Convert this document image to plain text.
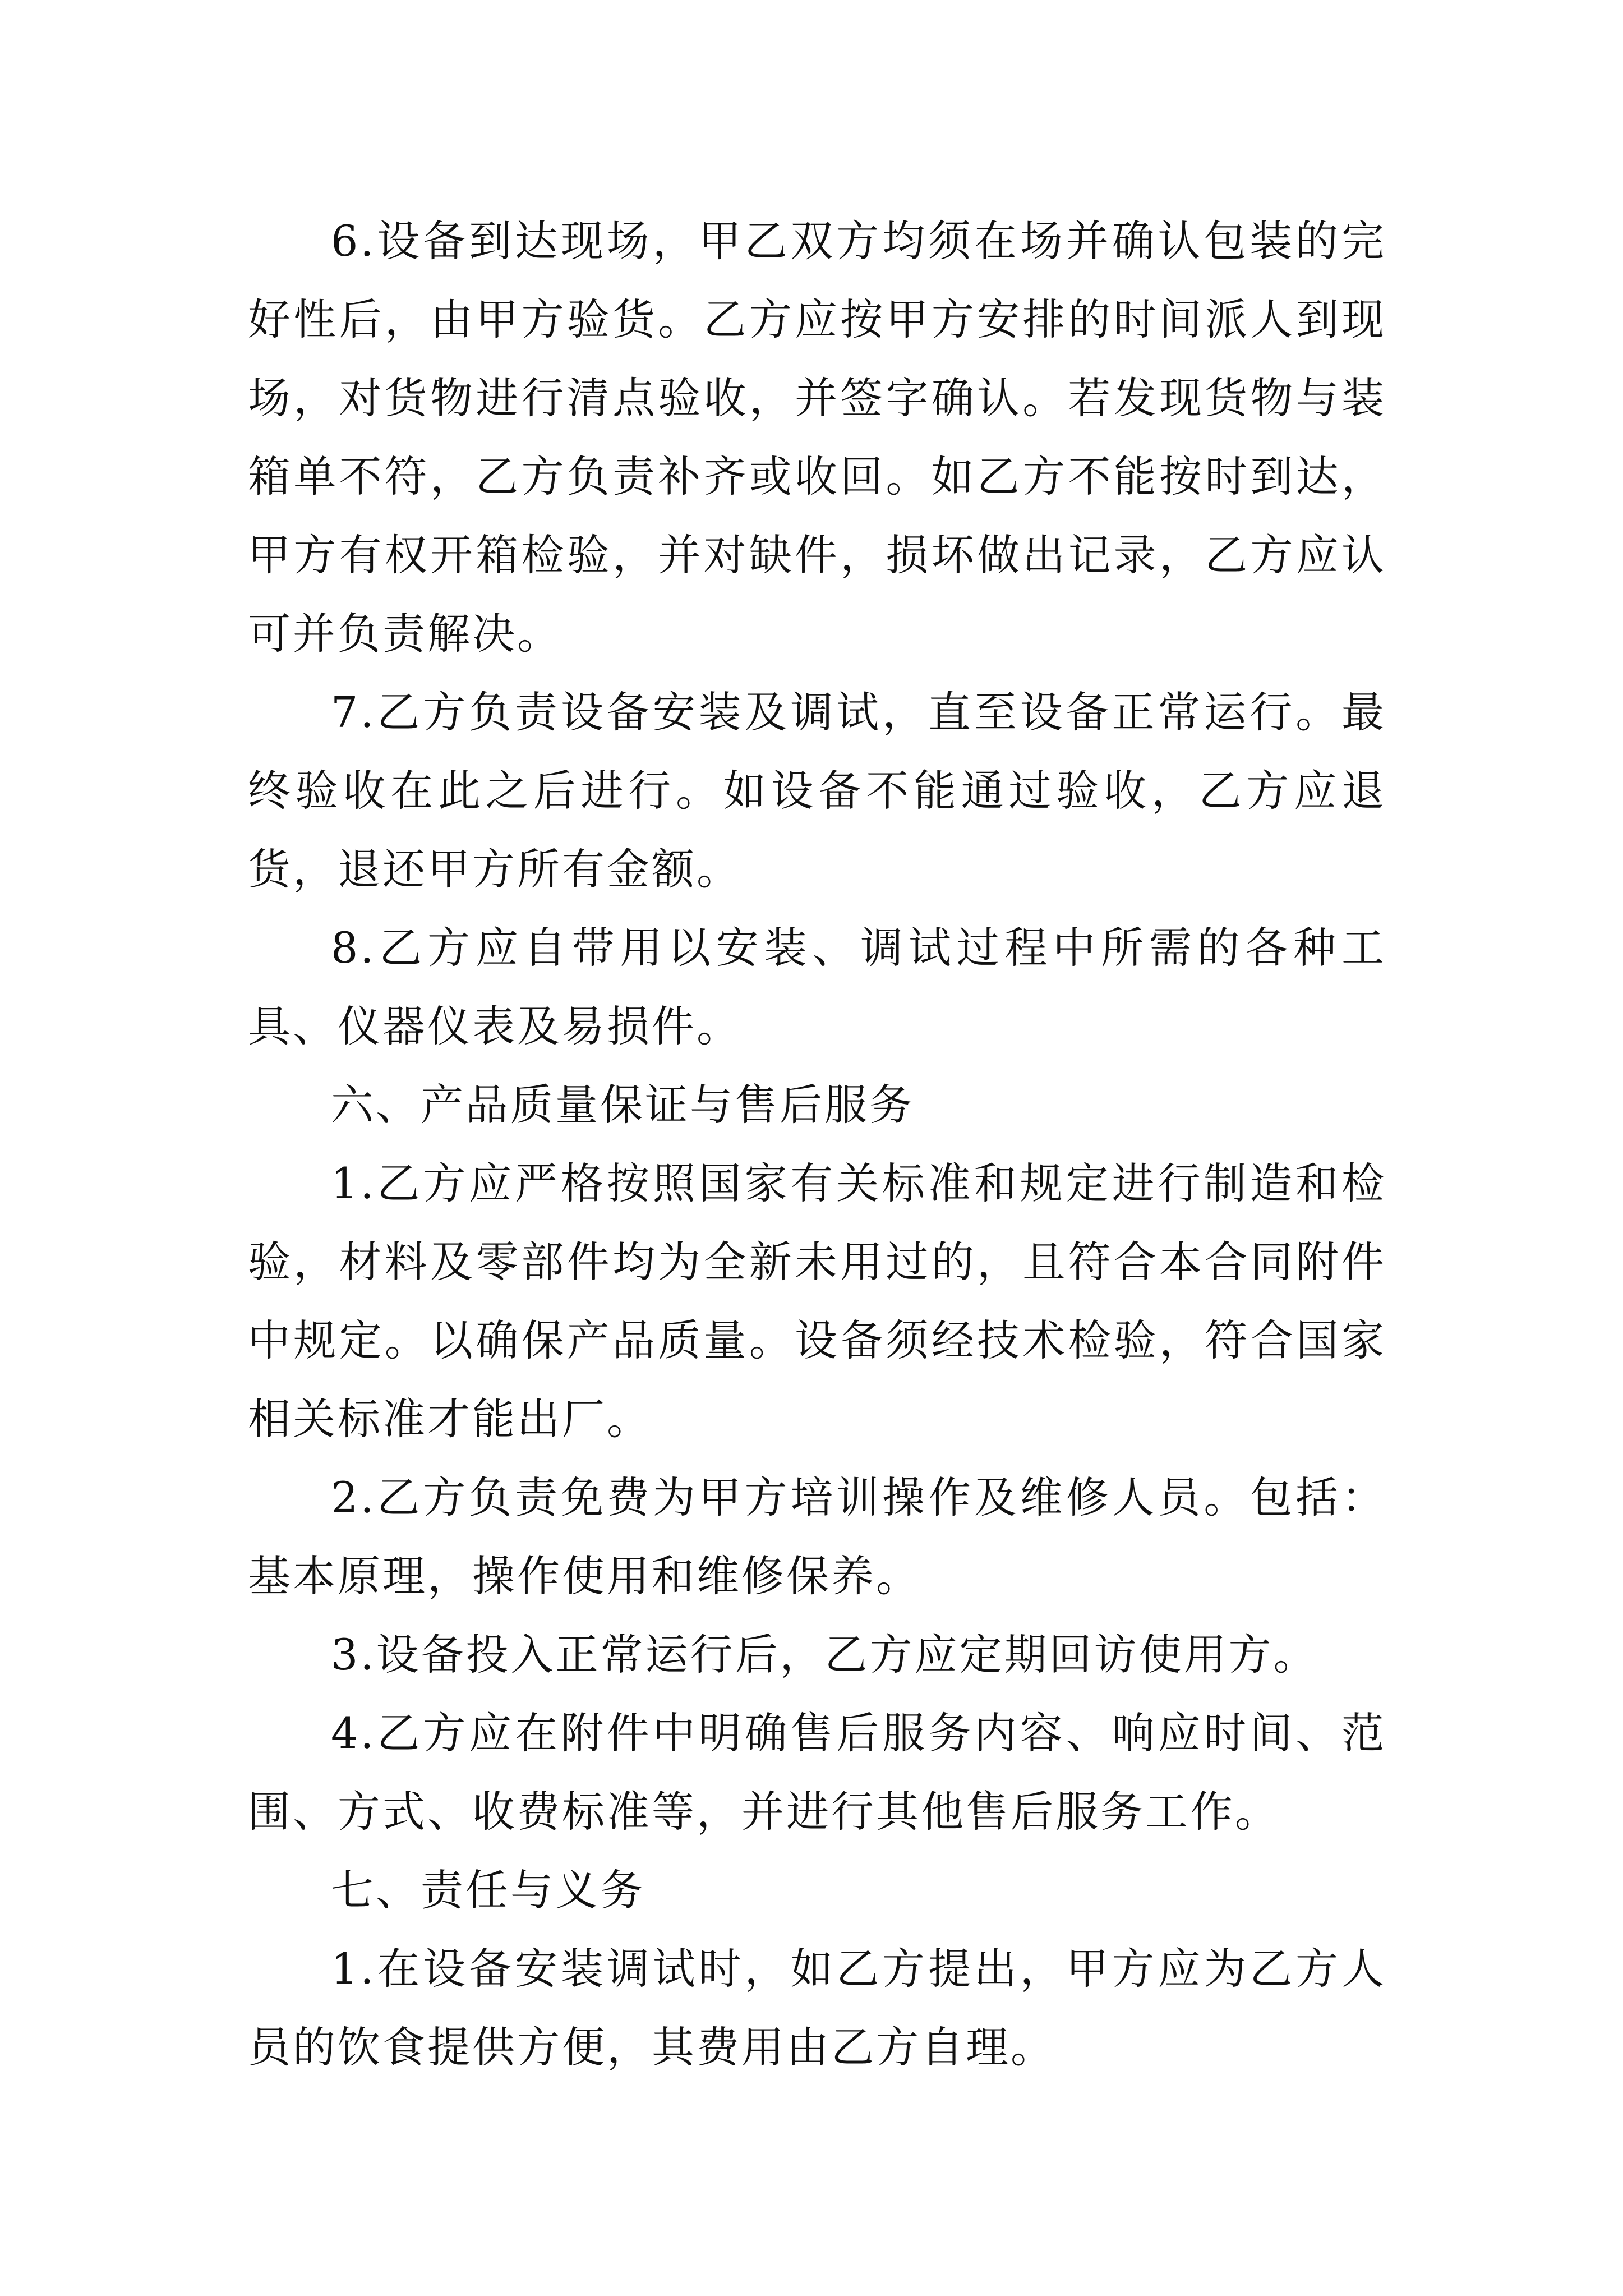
6.设备到达现场，甲乙双方均须在场并确认包装的完好性后，由甲方验货。乙方应按甲方安排的时间派人到现场，对货物进行清点验收，并签字确认。若发现货物与装箱单不符，乙方负责补齐或收回。如乙方不能按时到达，甲方有权开箱检验，并对缺件，损坏做出记录，乙方应认可并负责解决。

7.乙方负责设备安装及调试，直至设备正常运行。最终验收在此之后进行。如设备不能通过验收，乙方应退货，退还甲方所有金额。

8.乙方应自带用以安装、调试过程中所需的各种工具、仪器仪表及易损件。

六、产品质量保证与售后服务

1.乙方应严格按照国家有关标准和规定进行制造和检验，材料及零部件均为全新未用过的，且符合本合同附件中规定。以确保产品质量。设备须经技术检验，符合国家相关标准才能出厂。

2.乙方负责免费为甲方培训操作及维修人员。包括：基本原理，操作使用和维修保养。

3.设备投入正常运行后，乙方应定期回访使用方。

4.乙方应在附件中明确售后服务内容、响应时间、范围、方式、收费标准等，并进行其他售后服务工作。

七、责任与义务

1.在设备安装调试时，如乙方提出，甲方应为乙方人员的饮食提供方便，其费用由乙方自理。
